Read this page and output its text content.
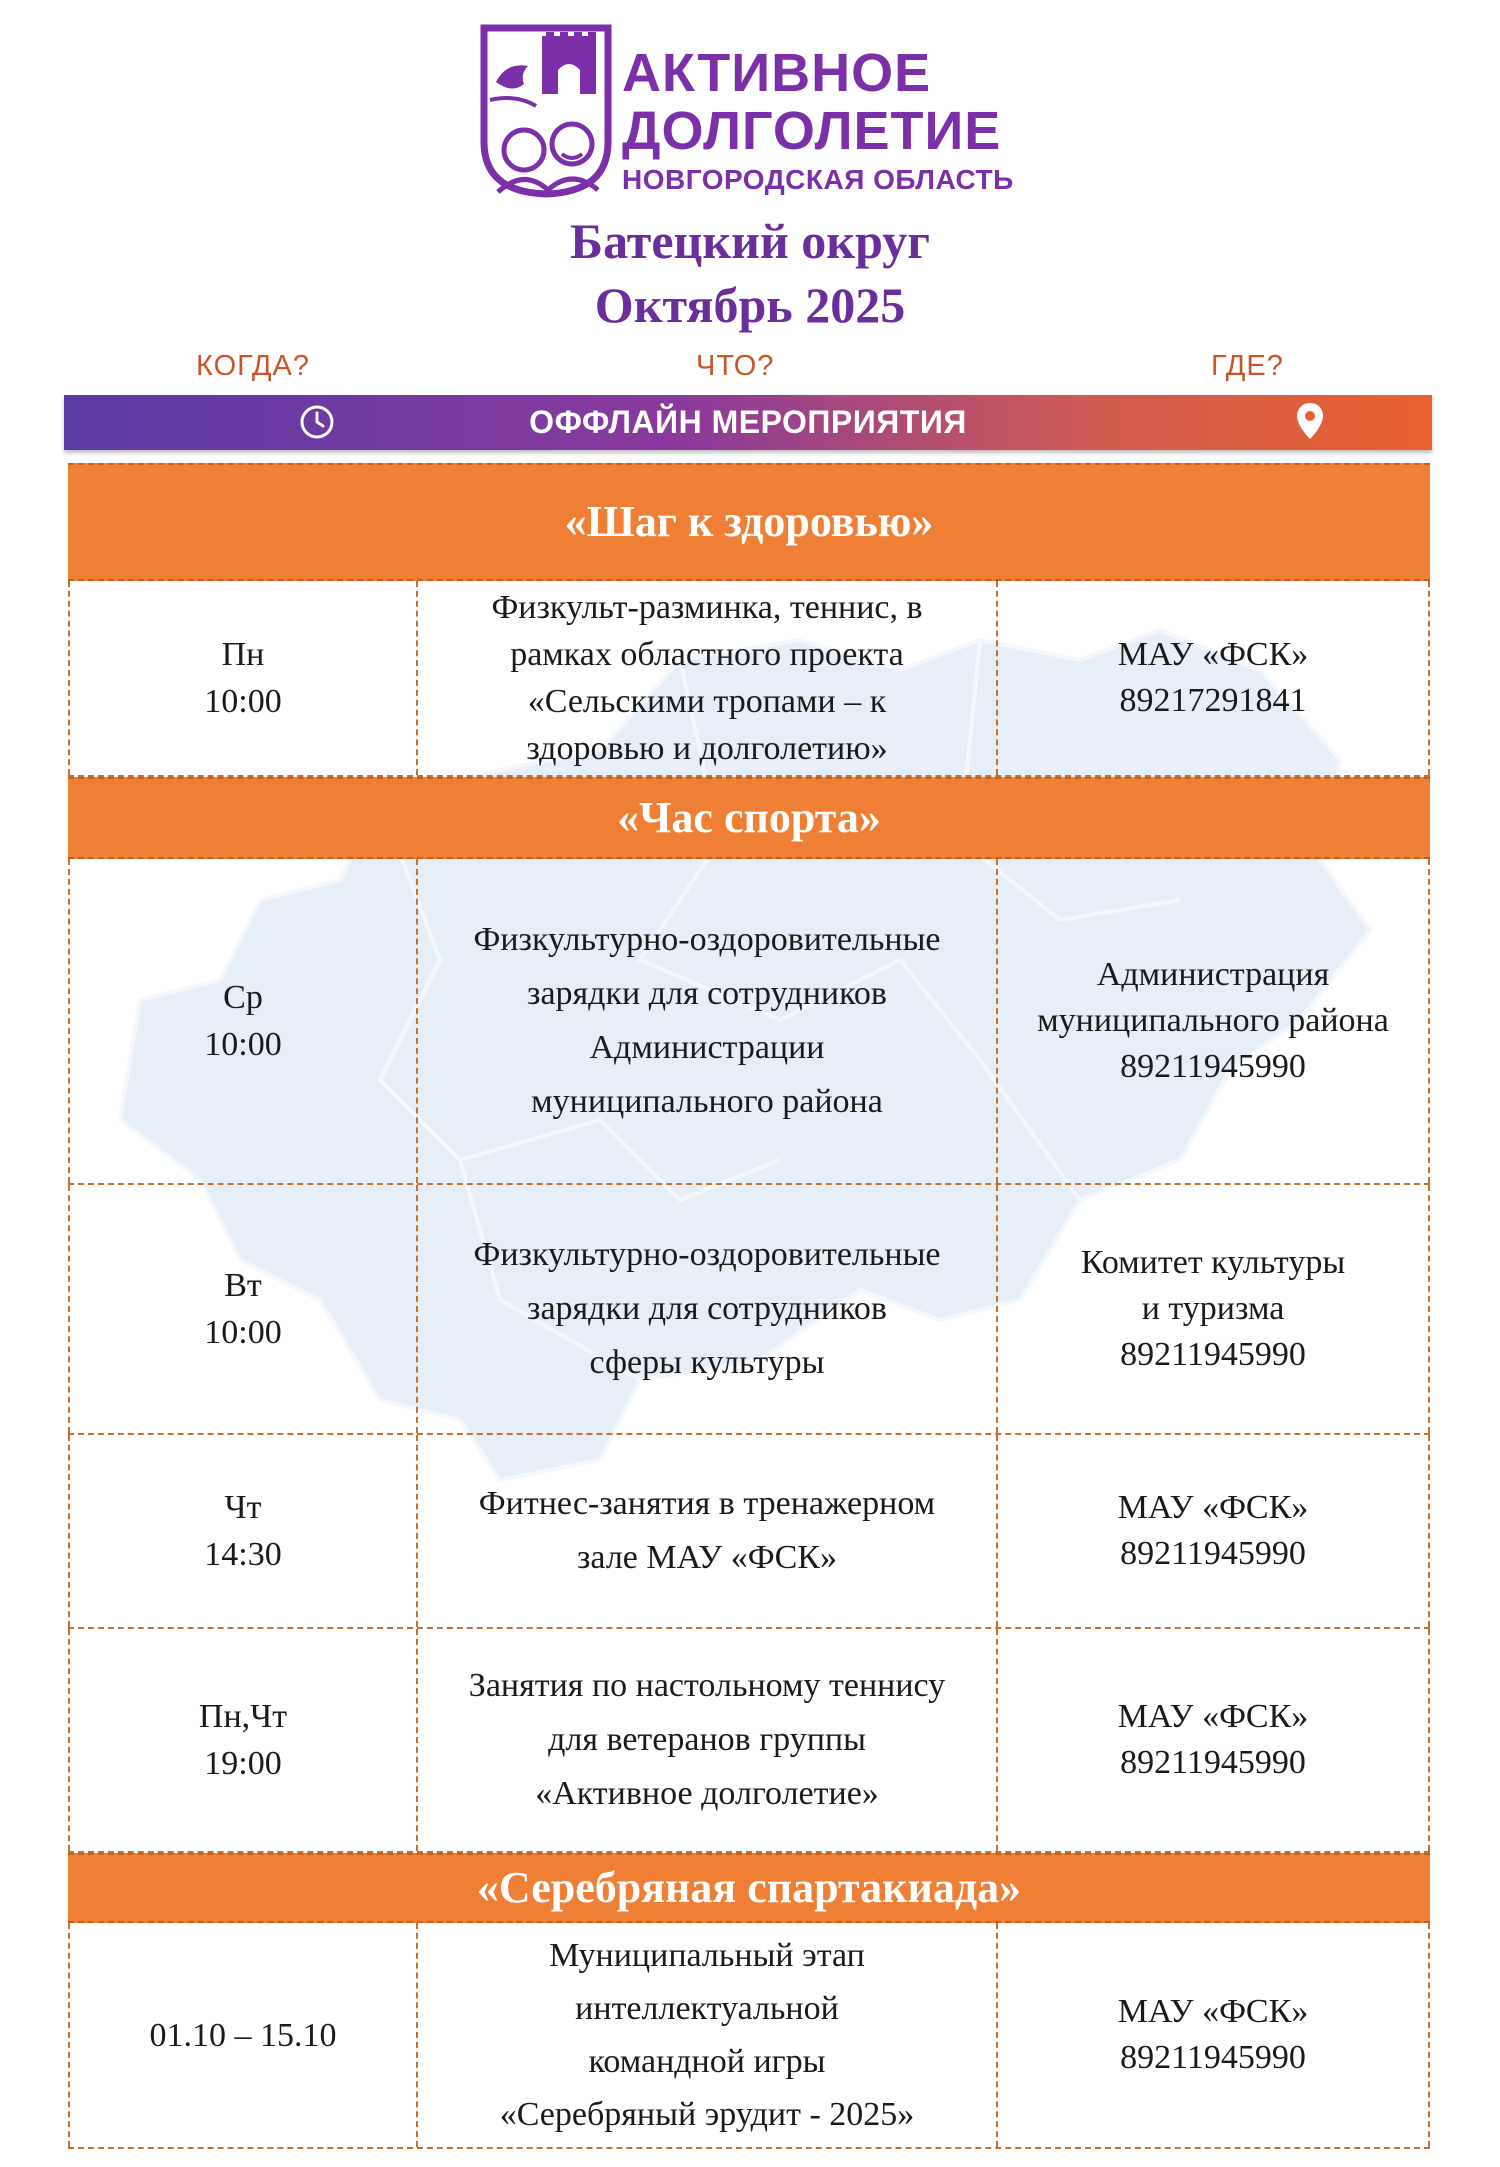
АКТИВНОЕ
ДОЛГОЛЕТИЕ
НОВГОРОДСКАЯ ОБЛАСТЬ
Батецкий округ
Октябрь 2025
КОГДА?	ЧТО?	ГДЕ?
ОФФЛАЙН МЕРОПРИЯТИЯ
«Шаг к здоровью»
Пн
10:00
Физкульт-разминка, теннис, в
рамках областного проекта
«Сельскими тропами – к
здоровью и долголетию»
МАУ «ФСК»
89217291841
«Час спорта»
Ср
10:00
Физкультурно-оздоровительные
зарядки для сотрудников
Администрации
муниципального района
Администрация
муниципального района
89211945990
Вт
10:00
Физкультурно-оздоровительные
зарядки для сотрудников
сферы культуры
Комитет культуры
и туризма
89211945990
Чт
14:30
Фитнес-занятия в тренажерном
зале МАУ «ФСК»
МАУ «ФСК»
89211945990
Пн,Чт
19:00
Занятия по настольному теннису
для ветеранов группы
«Активное долголетие»
МАУ «ФСК»
89211945990
«Серебряная спартакиада»
01.10 – 15.10
Муниципальный этап
интеллектуальной
командной игры
«Серебряный эрудит - 2025»
МАУ «ФСК»
89211945990
